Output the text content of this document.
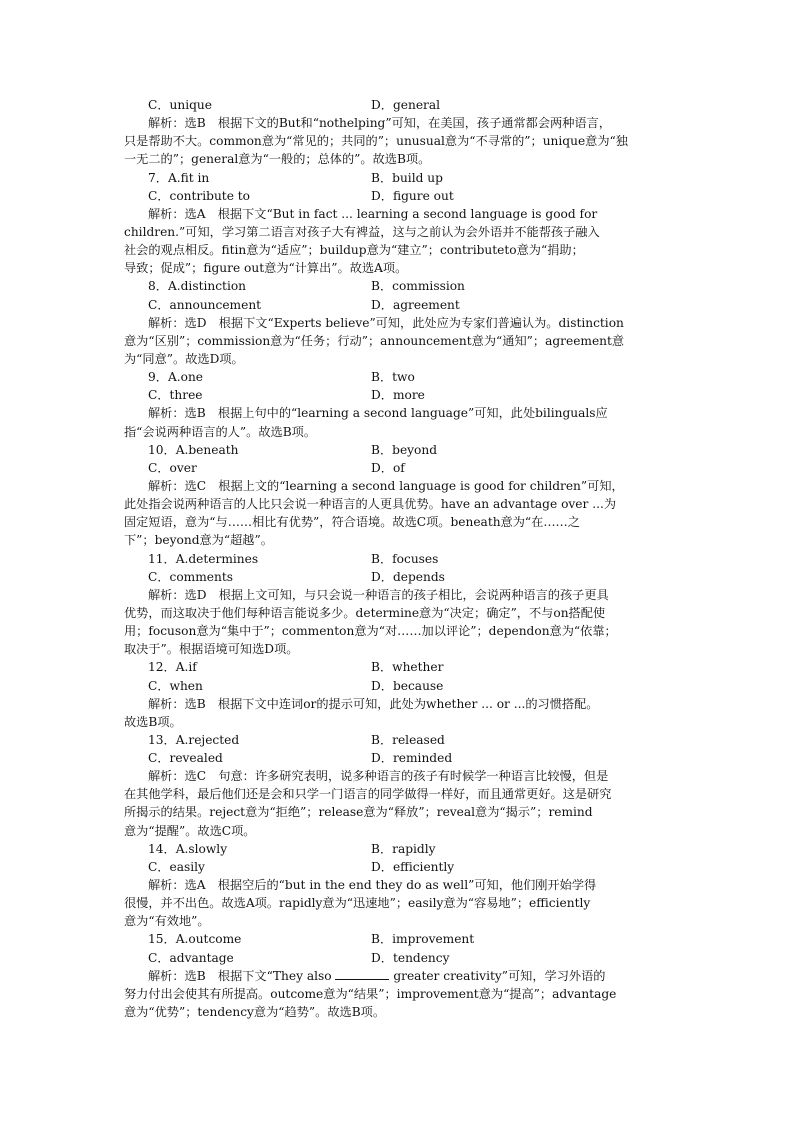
C．unique	D．general
解析：选B　根据下文的But和“nothelping”可知，在美国，孩子通常都会两种语言，
只是帮助不大。common意为“常见的；共同的”；unusual意为“不寻常的”；unique意为“独
一无二的”；general意为“一般的；总体的”。故选B项。
7．A.fit in	B．build up
C．contribute to	D．figure out
解析：选A　根据下文“But in fact ... learning a second language is good for
children.”可知，学习第二语言对孩子大有裨益，这与之前认为会外语并不能帮孩子融入
社会的观点相反。fitin意为“适应”；buildup意为“建立”；contributeto意为“捐助；
导致；促成”；figure out意为“计算出”。故选A项。
8．A.distinction	B．commission
C．announcement	D．agreement
解析：选D　根据下文“Experts believe”可知，此处应为专家们普遍认为。distinction
意为“区别”；commission意为“任务；行动”；announcement意为“通知”；agreement意
为“同意”。故选D项。
9．A.one	B．two
C．three	D．more
解析：选B　根据上句中的“learning a second language”可知，此处bilinguals应
指“会说两种语言的人”。故选B项。
10．A.beneath	B．beyond
C．over	D．of
解析：选C　根据上文的“learning a second language is good for children”可知，
此处指会说两种语言的人比只会说一种语言的人更具优势。have an advantage over ...为
固定短语，意为“与……相比有优势”，符合语境。故选C项。beneath意为“在……之
下”；beyond意为“超越”。
11．A.determines	B．focuses
C．comments	D．depends
解析：选D　根据上文可知，与只会说一种语言的孩子相比，会说两种语言的孩子更具
优势，而这取决于他们每种语言能说多少。determine意为“决定；确定”，不与on搭配使
用；focuson意为“集中于”；commenton意为“对……加以评论”；dependon意为“依靠；
取决于”。根据语境可知选D项。
12．A.if	B．whether
C．when	D．because
解析：选B　根据下文中连词or的提示可知，此处为whether ... or ...的习惯搭配。
故选B项。
13．A.rejected	B．released
C．revealed	D．reminded
解析：选C　句意：许多研究表明，说多种语言的孩子有时候学一种语言比较慢，但是
在其他学科，最后他们还是会和只学一门语言的同学做得一样好，而且通常更好。这是研究
所揭示的结果。reject意为“拒绝”；release意为“释放”；reveal意为“揭示”；remind
意为“提醒”。故选C项。
14．A.slowly	B．rapidly
C．easily	D．efficiently
解析：选A　根据空后的“but in the end they do as well”可知，他们刚开始学得
很慢，并不出色。故选A项。rapidly意为“迅速地”；easily意为“容易地”；efficiently
意为“有效地”。
15．A.outcome	B．improvement
C．advantage	D．tendency
解析：选B　根据下文“They also	greater creativity”可知，学习外语的
努力付出会使其有所提高。outcome意为“结果”；improvement意为“提高”；advantage
意为“优势”；tendency意为“趋势”。故选B项。
